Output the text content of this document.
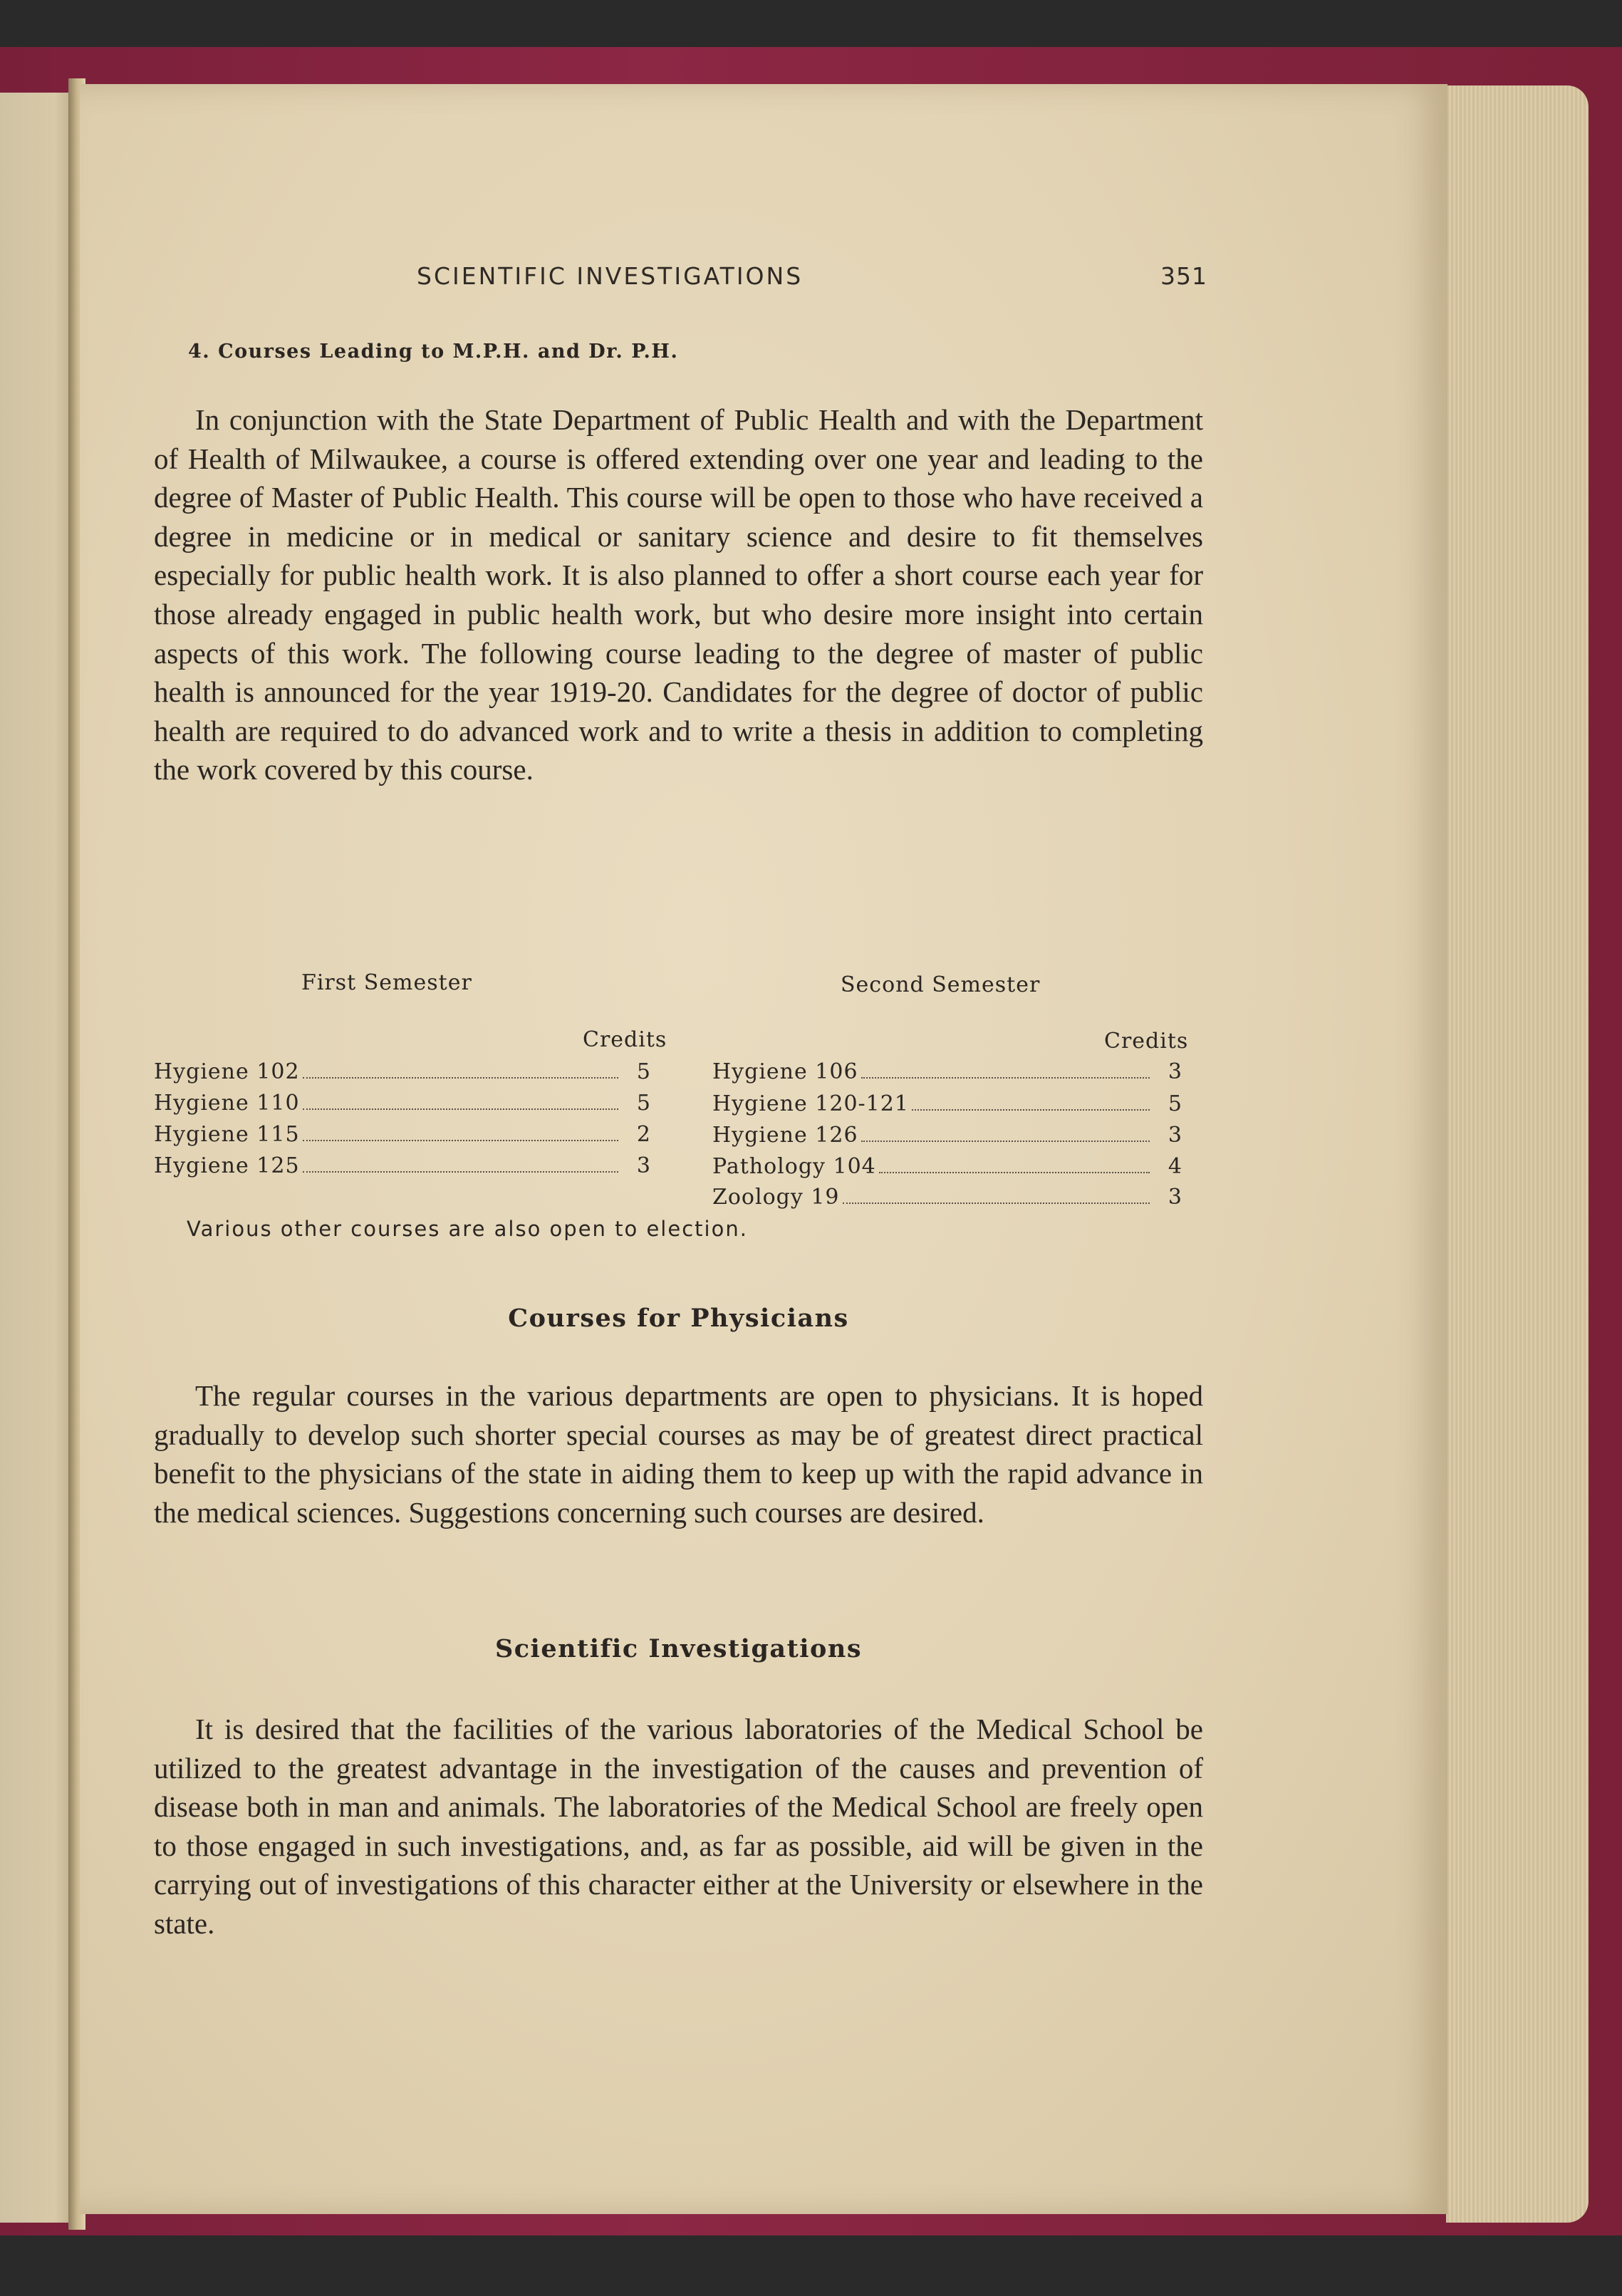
SCIENTIFIC INVESTIGATIONS	351
4. Courses Leading to M.P.H. and Dr. P.H.

In conjunction with the State Department of Public Health and with the Department of Health of Milwaukee, a course is offered extending over one year and leading to the degree of Master of Public Health. This course will be open to those who have received a degree in medicine or in medical or sanitary science and desire to fit themselves especially for public health work. It is also planned to offer a short course each year for those already engaged in public health work, but who desire more insight into certain aspects of this work. The following course leading to the degree of master of public health is announced for the year 1919-20. Candidates for the degree of doctor of public health are required to do advanced work and to write a thesis in addition to completing the work covered by this course.

First Semester	Second Semester
Credits	Credits
Hygiene 102	5
Hygiene 110	5
Hygiene 115	2
Hygiene 125	3
Hygiene 106	3
Hygiene 120-121	5
Hygiene 126	3
Pathology 104	4
Zoology 19	3
Various other courses are also open to election.
Courses for Physicians

The regular courses in the various departments are open to physicians. It is hoped gradually to develop such shorter special courses as may be of greatest direct practical benefit to the physicians of the state in aiding them to keep up with the rapid advance in the medical sciences. Suggestions concerning such courses are desired.

Scientific Investigations

It is desired that the facilities of the various laboratories of the Medical School be utilized to the greatest advantage in the investigation of the causes and prevention of disease both in man and animals. The laboratories of the Medical School are freely open to those engaged in such investigations, and, as far as possible, aid will be given in the carrying out of investigations of this character either at the University or elsewhere in the state.
